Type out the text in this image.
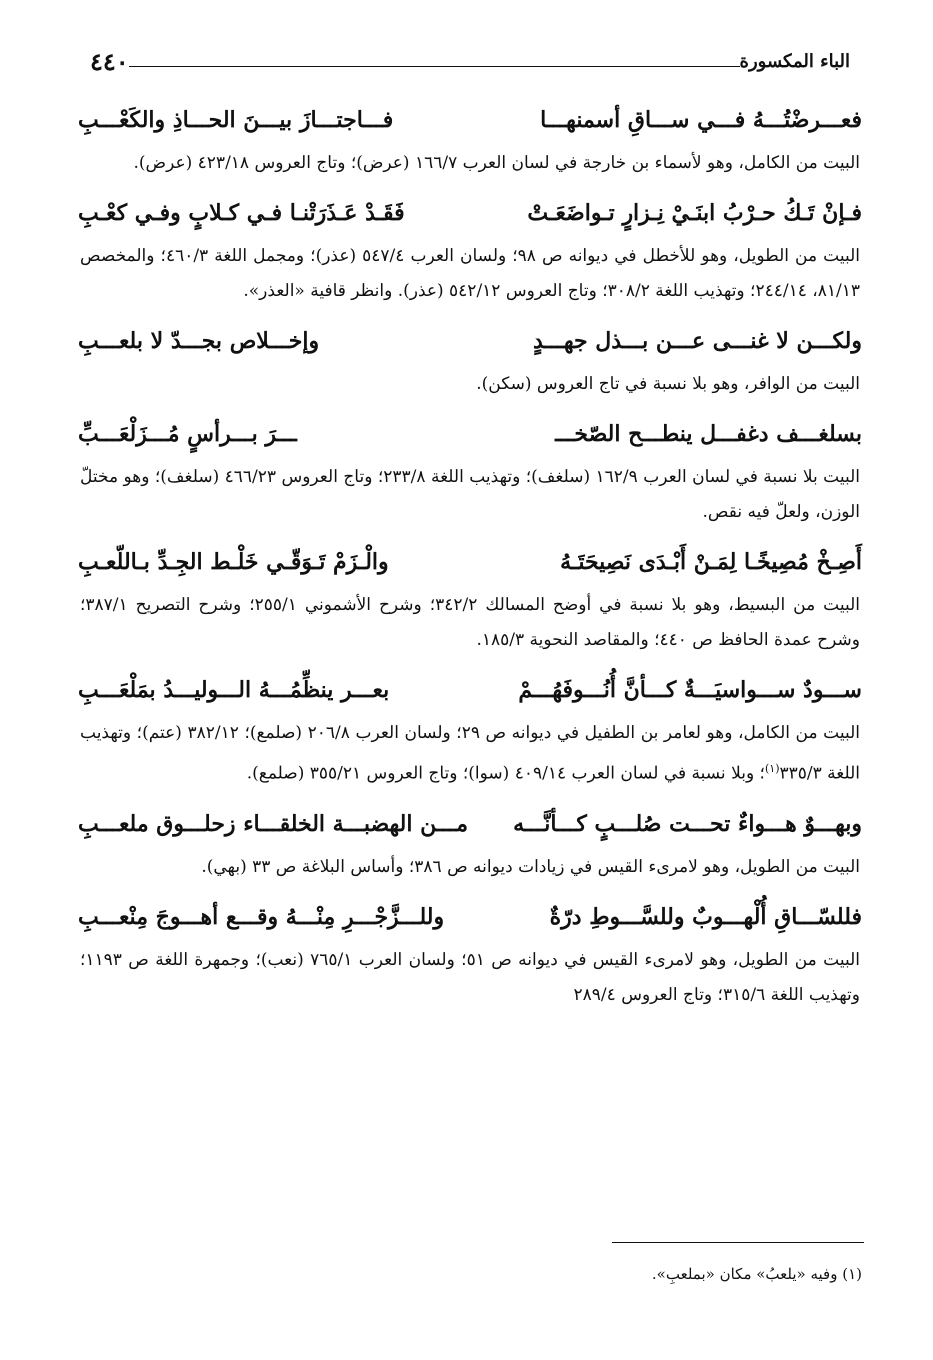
الباء المكسورة
٤٤٠
فعـــرضْتُـــهُ فـــي ســـاقِ أسمنهـــا
فـــاجتـــازَ بيـــنَ الحـــاذِ والكَعْـــبِ
البيت من الكامل، وهو لأسماء بن خارجة في لسان العرب ١٦٦/٧ (عرض)؛ وتاج العروس ٤٢٣/١٨ (عرض).
فـإنْ تَـكُ حـرْبُ ابنَـيْ نِـزارٍ تـواضَعَـتْ
فَقَـدْ عَـذَرَتْنـا فـي كـلابٍ وفـي كعْـبِ
البيت من الطويل، وهو للأخطل في ديوانه ص ٩٨؛ ولسان العرب ٥٤٧/٤ (عذر)؛ ومجمل اللغة ٤٦٠/٣؛ والمخصص ٨١/١٣، ٢٤٤/١٤؛ وتهذيب اللغة ٣٠٨/٢؛ وتاج العروس ٥٤٢/١٢ (عذر). وانظر قافية «العذر».
ولكـــن لا غنـــى عـــن بـــذل جهـــدٍ
وإخـــلاص بجـــدّ لا بلعـــبِ
البيت من الوافر، وهو بلا نسبة في تاج العروس (سكن).
بسلغـــف دغفـــل ينطـــح الصّخـــ
ـــرَ بـــرأسٍ مُـــزَلْعَـــبِّ
البيت بلا نسبة في لسان العرب ١٦٢/٩ (سلغف)؛ وتهذيب اللغة ٢٣٣/٨؛ وتاج العروس ٤٦٦/٢٣ (سلغف)؛ وهو مختلّ الوزن، ولعلّ فيه نقص.
أَصِـخْ مُصِيخًـا لِمَـنْ أَبْـدَى نَصِيحَتَـهُ
والْـزَمْ تَـوَقّـي خَلْـط الجِـدِّ بـاللّعـبِ
البيت من البسيط، وهو بلا نسبة في أوضح المسالك ٣٤٢/٢؛ وشرح الأشموني ٢٥٥/١؛ وشرح التصريح ٣٨٧/١؛ وشرح عمدة الحافظ ص ٤٤٠؛ والمقاصد النحوية ١٨٥/٣.
ســـودٌ ســـواسيَـــةٌ كـــأنَّ أُنُـــوفَهُـــمْ
بعـــر ينظِّمُـــهُ الـــوليـــدُ بمَلْعَـــبِ
البيت من الكامل، وهو لعامر بن الطفيل في ديوانه ص ٢٩؛ ولسان العرب ٢٠٦/٨ (صلمع)؛ ٣٨٢/١٢ (عتم)؛ وتهذيب اللغة ٣٣٥/٣$^{(١)}$؛ وبلا نسبة في لسان العرب ٤٠٩/١٤ (سوا)؛ وتاج العروس ٣٥٥/٢١ (صلمع).
وبهـــوٌ هـــواءٌ تحـــت صُلـــبٍ كـــأنَّـــه
مـــن الهضبـــة الخلقـــاء زحلـــوق ملعـــبِ
البيت من الطويل، وهو لامرىء القيس في زيادات ديوانه ص ٣٨٦؛ وأساس البلاغة ص ٣٣ (بهي).
فللسّـــاقِ أُلْهـــوبٌ وللسَّـــوطِ درّةٌ
وللـــزَّجْـــرِ مِنْـــهُ وقـــع أهـــوجَ مِنْعـــبِ
البيت من الطويل، وهو لامرىء القيس في ديوانه ص ٥١؛ ولسان العرب ٧٦٥/١ (نعب)؛ وجمهرة اللغة ص ١١٩٣؛ وتهذيب اللغة ٣١٥/٦؛ وتاج العروس ٢٨٩/٤
(١) وفيه «يلعبُ» مكان «بملعبِ».
